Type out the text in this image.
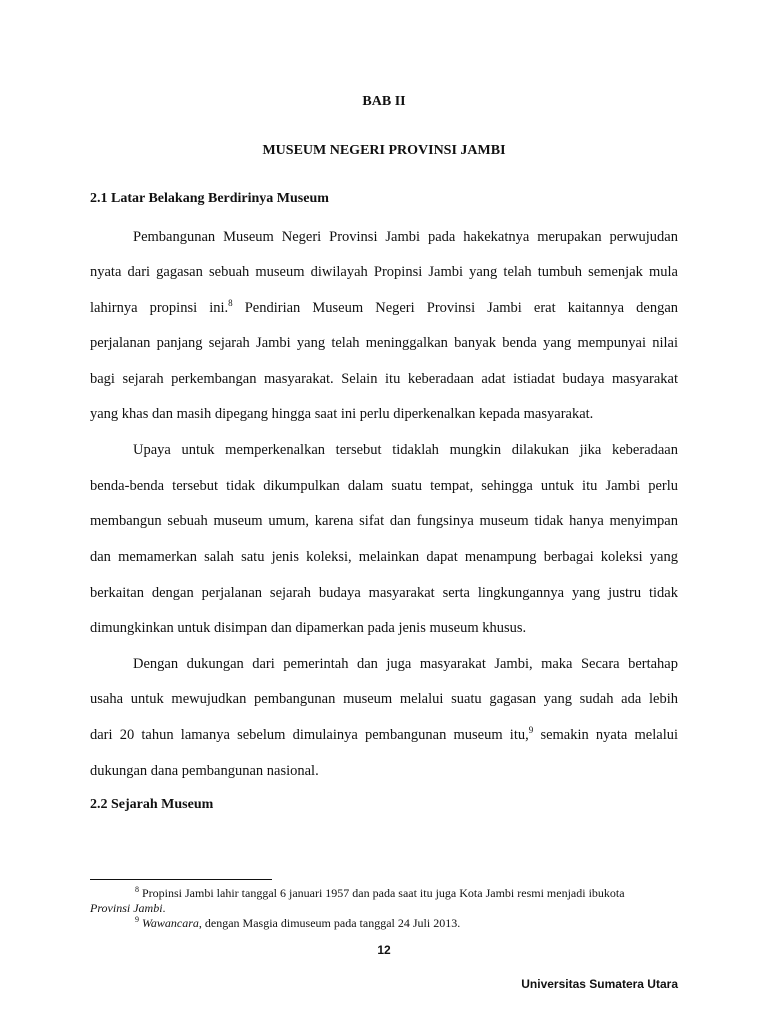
BAB II
MUSEUM NEGERI PROVINSI JAMBI
2.1 Latar Belakang Berdirinya Museum
Pembangunan Museum Negeri Provinsi Jambi pada hakekatnya merupakan perwujudan
nyata dari gagasan sebuah museum diwilayah Propinsi Jambi yang telah tumbuh semenjak mula
lahirnya propinsi ini.$^8$ Pendirian Museum Negeri Provinsi Jambi erat kaitannya dengan
perjalanan panjang sejarah Jambi yang telah meninggalkan banyak benda yang mempunyai nilai
bagi sejarah perkembangan masyarakat. Selain itu keberadaan adat istiadat budaya masyarakat
yang khas dan masih dipegang hingga saat ini perlu diperkenalkan kepada masyarakat.
Upaya untuk memperkenalkan tersebut tidaklah mungkin dilakukan jika keberadaan
benda-benda tersebut tidak dikumpulkan dalam suatu tempat, sehingga untuk itu Jambi perlu
membangun sebuah museum umum, karena sifat dan fungsinya museum tidak hanya menyimpan
dan memamerkan salah satu jenis koleksi, melainkan dapat menampung berbagai koleksi yang
berkaitan dengan perjalanan sejarah budaya masyarakat serta lingkungannya yang justru tidak
dimungkinkan untuk disimpan dan dipamerkan pada jenis museum khusus.
Dengan dukungan dari pemerintah dan juga masyarakat Jambi, maka Secara bertahap
usaha untuk mewujudkan pembangunan museum melalui suatu gagasan yang sudah ada lebih
dari 20 tahun lamanya sebelum dimulainya pembangunan museum itu,$^9$ semakin nyata melalui
dukungan dana pembangunan nasional.
2.2 Sejarah Museum
$^8$ Propinsi Jambi lahir tanggal 6 januari 1957 dan pada saat itu juga Kota Jambi resmi menjadi ibukota
Provinsi Jambi.
$^9$ Wawancara, dengan Masgia dimuseum pada tanggal 24 Juli 2013.
12
Universitas Sumatera Utara
